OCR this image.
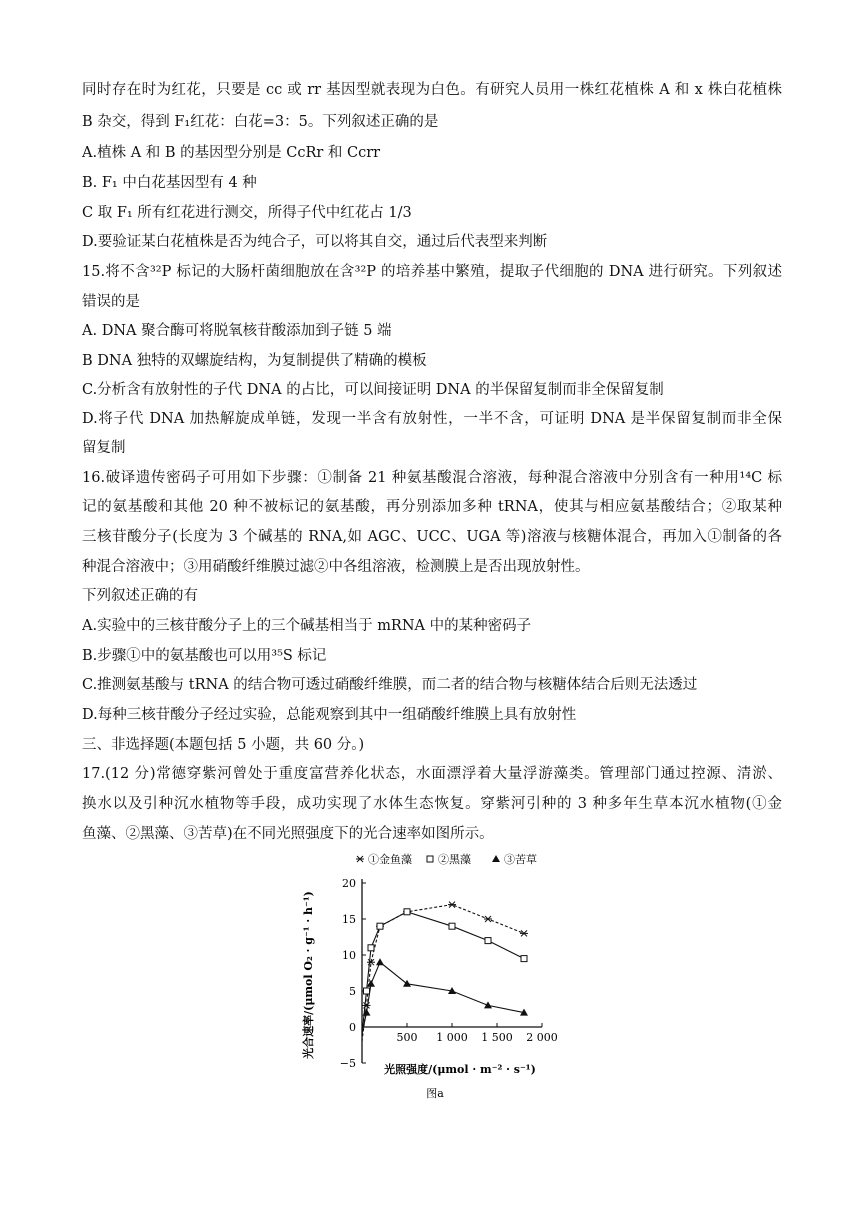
同时存在时为红花，只要是 cc 或 rr 基因型就表现为白色。有研究人员用一株红花植株 A 和 x 株白花植株
B 杂交，得到 F₁红花：白花=3：5。下列叙述正确的是
A.植株 A 和 B 的基因型分别是 CcRr 和 Ccrr
B. F₁ 中白花基因型有 4 种
C 取 F₁ 所有红花进行测交，所得子代中红花占 1/3
D.要验证某白花植株是否为纯合子，可以将其自交，通过后代表型来判断
15.将不含³²P 标记的大肠杆菌细胞放在含³²P 的培养基中繁殖，提取子代细胞的 DNA 进行研究。下列叙述
错误的是
A. DNA 聚合酶可将脱氧核苷酸添加到子链 5 端
B DNA 独特的双螺旋结构，为复制提供了精确的模板
C.分析含有放射性的子代 DNA 的占比，可以间接证明 DNA 的半保留复制而非全保留复制
D.将子代 DNA 加热解旋成单链，发现一半含有放射性，一半不含，可证明 DNA 是半保留复制而非全保
留复制
16.破译遗传密码子可用如下步骤：①制备 21 种氨基酸混合溶液，每种混合溶液中分别含有一种用¹⁴C 标
记的氨基酸和其他 20 种不被标记的氨基酸，再分别添加多种 tRNA，使其与相应氨基酸结合；②取某种
三核苷酸分子(长度为 3 个碱基的 RNA,如 AGC、UCC、UGA 等)溶液与核糖体混合，再加入①制备的各
种混合溶液中；③用硝酸纤维膜过滤②中各组溶液，检测膜上是否出现放射性。
下列叙述正确的有
A.实验中的三核苷酸分子上的三个碱基相当于 mRNA 中的某种密码子
B.步骤①中的氨基酸也可以用³⁵S 标记
C.推测氨基酸与 tRNA 的结合物可透过硝酸纤维膜，而二者的结合物与核糖体结合后则无法透过
D.每种三核苷酸分子经过实验，总能观察到其中一组硝酸纤维膜上具有放射性
三、非选择题(本题包括 5 小题，共 60 分。)
17.(12 分)常德穿紫河曾处于重度富营养化状态，水面漂浮着大量浮游藻类。管理部门通过控源、清淤、
换水以及引种沉水植物等手段，成功实现了水体生态恢复。穿紫河引种的 3 种多年生草本沉水植物(①金
鱼藻、②黑藻、③苦草)在不同光照强度下的光合速率如图所示。
①金鱼藻 ②黑藻	③苦草
−5
0
5
10
15
20
500 1 000 1 500 2 000
光合速率/(μmol O₂ · g⁻¹ · h⁻¹)
光照强度/(μmol · m⁻² · s⁻¹)
图a
